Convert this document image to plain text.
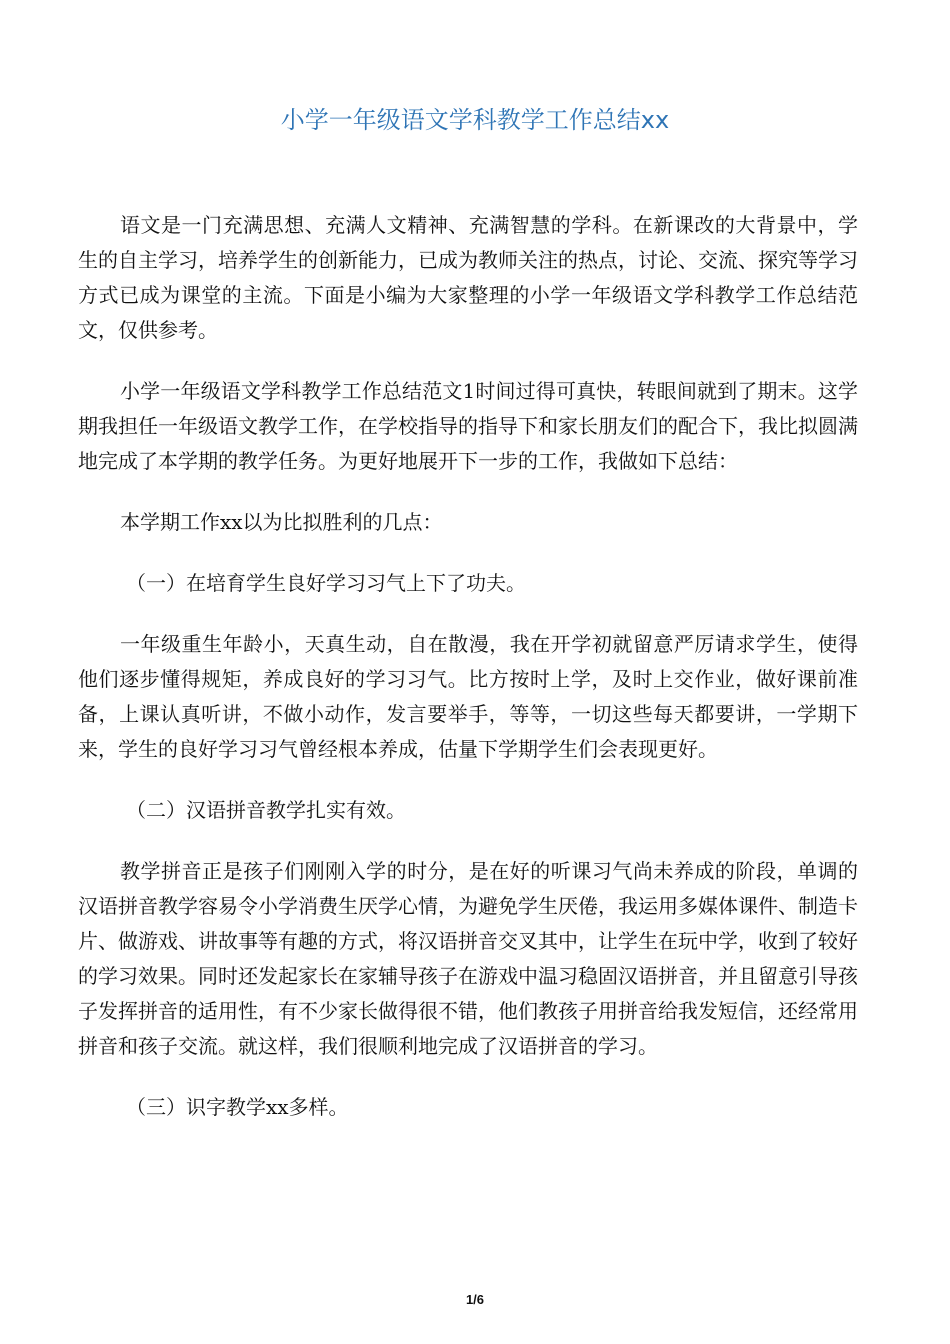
小学一年级语文学科教学工作总结xx

语文是一门充满思想、充满人文精神、充满智慧的学科。在新课改的大背景中，学生的自主学习，培养学生的创新能力，已成为教师关注的热点，讨论、交流、探究等学习方式已成为课堂的主流。下面是小编为大家整理的小学一年级语文学科教学工作总结范文，仅供参考。

小学一年级语文学科教学工作总结范文1时间过得可真快，转眼间就到了期末。这学期我担任一年级语文教学工作，在学校指导的指导下和家长朋友们的配合下，我比拟圆满地完成了本学期的教学任务。为更好地展开下一步的工作，我做如下总结：

本学期工作xx以为比拟胜利的几点：

（一）在培育学生良好学习习气上下了功夫。

一年级重生年龄小，天真生动，自在散漫，我在开学初就留意严厉请求学生，使得他们逐步懂得规矩，养成良好的学习习气。比方按时上学，及时上交作业，做好课前准备，上课认真听讲，不做小动作，发言要举手，等等，一切这些每天都要讲，一学期下来，学生的良好学习习气曾经根本养成，估量下学期学生们会表现更好。

（二）汉语拼音教学扎实有效。

教学拼音正是孩子们刚刚入学的时分，是在好的听课习气尚未养成的阶段，单调的汉语拼音教学容易令小学消费生厌学心情，为避免学生厌倦，我运用多媒体课件、制造卡片、做游戏、讲故事等有趣的方式，将汉语拼音交叉其中，让学生在玩中学，收到了较好的学习效果。同时还发起家长在家辅导孩子在游戏中温习稳固汉语拼音，并且留意引导孩子发挥拼音的适用性，有不少家长做得很不错，他们教孩子用拼音给我发短信，还经常用拼音和孩子交流。就这样，我们很顺利地完成了汉语拼音的学习。

（三）识字教学xx多样。

1/6
